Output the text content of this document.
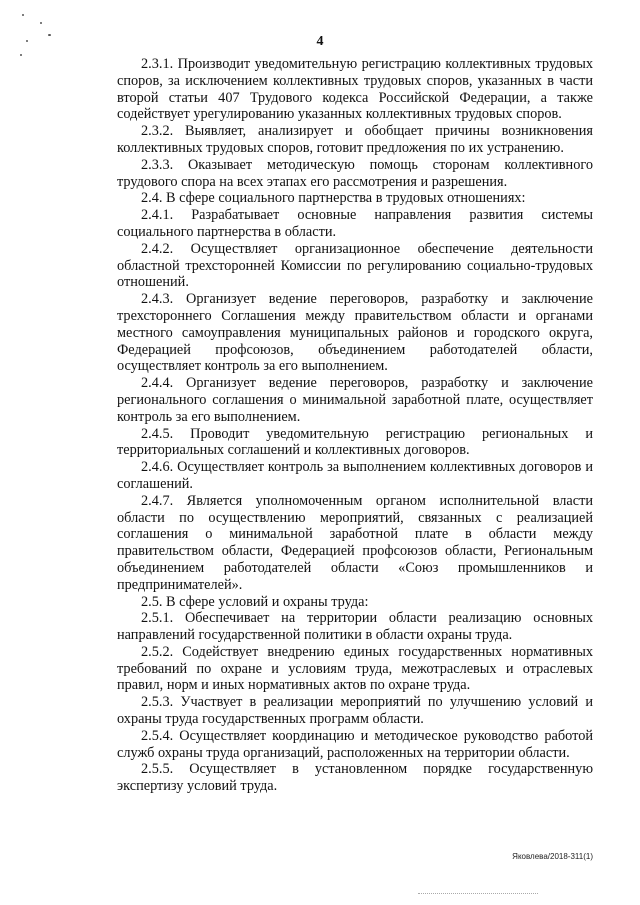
4

2.3.1. Производит уведомительную регистрацию коллективных трудовых споров, за исключением коллективных трудовых споров, указанных в части второй статьи 407 Трудового кодекса Российской Федерации, а также содействует урегулированию указанных коллективных трудовых споров.

2.3.2. Выявляет, анализирует и обобщает причины возникновения коллективных трудовых споров, готовит предложения по их устранению.

2.3.3. Оказывает методическую помощь сторонам коллективного трудового спора на всех этапах его рассмотрения и разрешения.

2.4. В сфере социального партнерства в трудовых отношениях:

2.4.1. Разрабатывает основные направления развития системы социального партнерства в области.

2.4.2. Осуществляет организационное обеспечение деятельности областной трехсторонней Комиссии по регулированию социально-трудовых отношений.

2.4.3. Организует ведение переговоров, разработку и заключение трехстороннего Соглашения между правительством области и органами местного самоуправления муниципальных районов и городского округа, Федерацией профсоюзов, объединением работодателей области, осуществляет контроль за его выполнением.

2.4.4. Организует ведение переговоров, разработку и заключение регионального соглашения о минимальной заработной плате, осуществляет контроль за его выполнением.

2.4.5. Проводит уведомительную регистрацию региональных и территориальных соглашений и коллективных договоров.

2.4.6. Осуществляет контроль за выполнением коллективных договоров и соглашений.

2.4.7. Является уполномоченным органом исполнительной власти области по осуществлению мероприятий, связанных с реализацией соглашения о минимальной заработной плате в области между правительством области, Федерацией профсоюзов области, Региональным объединением работодателей области «Союз промышленников и предпринимателей».

2.5. В сфере условий и охраны труда:

2.5.1. Обеспечивает на территории области реализацию основных направлений государственной политики в области охраны труда.

2.5.2. Содействует внедрению единых государственных нормативных требований по охране и условиям труда, межотраслевых и отраслевых правил, норм и иных нормативных актов по охране труда.

2.5.3. Участвует в реализации мероприятий по улучшению условий и охраны труда государственных программ области.

2.5.4. Осуществляет координацию и методическое руководство работой служб охраны труда организаций, расположенных на территории области.

2.5.5. Осуществляет в установленном порядке государственную экспертизу условий труда.

Яковлева/2018-311(1)
